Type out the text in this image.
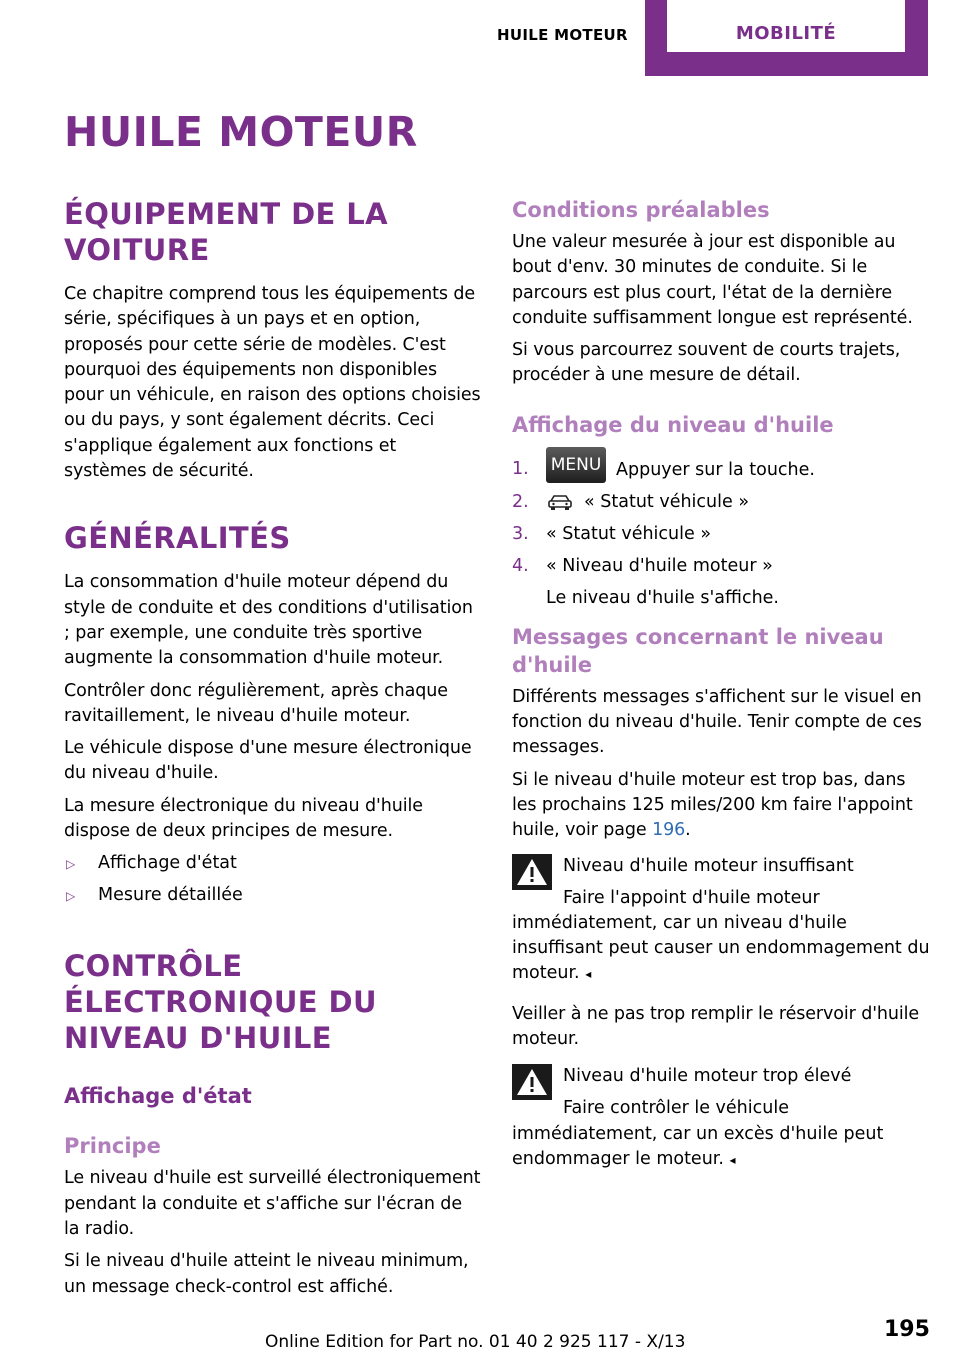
HUILE MOTEUR	MOBILITÉ
HUILE MOTEUR
ÉQUIPEMENT DE LA VOITURE

Ce chapitre comprend tous les équipements de série, spécifiques à un pays et en option, proposés pour cette série de modèles. C'est pourquoi des équipements non disponibles pour un véhicule, en raison des options choisies ou du pays, y sont également décrits. Ceci s'applique également aux fonctions et systèmes de sécurité.

GÉNÉRALITÉS

La consommation d'huile moteur dépend du style de conduite et des conditions d'utilisation ; par exemple, une conduite très sportive augmente la consommation d'huile moteur.

Contrôler donc régulièrement, après chaque ravitaillement, le niveau d'huile moteur.

Le véhicule dispose d'une mesure électronique du niveau d'huile.

La mesure électronique du niveau d'huile dispose de deux principes de mesure.

▷ Affichage d'état
▷ Mesure détaillée
CONTRÔLE ÉLECTRONIQUE DU NIVEAU D'HUILE
Affichage d'état
Principe

Le niveau d'huile est surveillé électroniquement pendant la conduite et s'affiche sur l'écran de la radio.

Si le niveau d'huile atteint le niveau minimum, un message check-control est affiché.

Conditions préalables

Une valeur mesurée à jour est disponible au bout d'env. 30 minutes de conduite. Si le parcours est plus court, l'état de la dernière conduite suffisamment longue est représenté.

Si vous parcourrez souvent de courts trajets, procéder à une mesure de détail.

Affichage du niveau d'huile
1. MENU Appuyer sur la touche.
2.	« Statut véhicule »
3. « Statut véhicule »
4. « Niveau d'huile moteur »
Le niveau d'huile s'affiche.
Messages concernant le niveau d'huile

Différents messages s'affichent sur le visuel en fonction du niveau d'huile. Tenir compte de ces messages.

Si le niveau d'huile moteur est trop bas, dans les prochains 125 miles/200 km faire l'appoint huile, voir page 196.

Niveau d'huile moteur insuffisant

Faire l'appoint d'huile moteur immédiatement, car un niveau d'huile insuffisant peut causer un endommagement du moteur. ◂

Veiller à ne pas trop remplir le réservoir d'huile moteur.

Niveau d'huile moteur trop élevé

Faire contrôler le véhicule immédiatement, car un excès d'huile peut endommager le moteur. ◂

195
Online Edition for Part no. 01 40 2 925 117 - X/13
